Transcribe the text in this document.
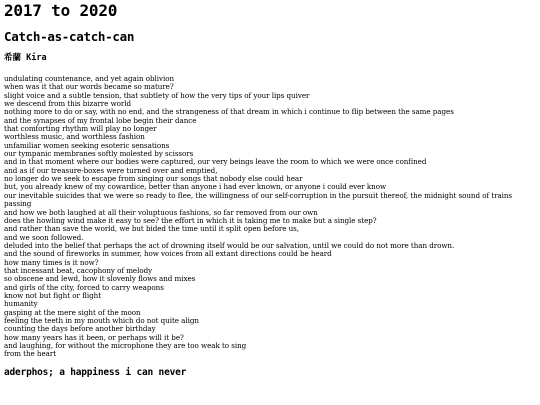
2017 to 2020
Catch-as-catch-can
希蘭 Kira
undulating countenance, and yet again oblivion
when was it that our words became so mature?
slight voice and a subtle tension, that subtlety of how the very tips of your lips quiver
we descend from this bizarre world
nothing more to do or say, with no end, and the strangeness of that dream in which i continue to flip between the same pages
and the synapses of my frontal lobe begin their dance
that comforting rhythm will play no longer
worthless music, and worthless fashion
unfamiliar women seeking esoteric sensations
our tympanic membranes softly molested by scissors
and in that moment where our bodies were captured, our very beings leave the room to which we were once confined
and as if our treasure-boxes were turned over and emptied,
no longer do we seek to escape from singing our songs that nobody else could hear
but, you already knew of my cowardice, better than anyone i had ever known, or anyone i could ever know
our inevitable suicides that we were so ready to flee, the willingness of our self-corruption in the pursuit thereof, the midnight sound of trains passing
and how we both laughed at all their voluptuous fashions, so far removed from our own
does the howling wind make it easy to see? the effort in which it is taking me to make but a single step?
and rather than save the world, we but bided the time until it split open before us,
and we soon followed.
deluded into the belief that perhaps the act of drowning itself would be our salvation, until we could do not more than drown.
and the sound of fireworks in summer, how voices from all extant directions could be heard
how many times is it now?
that incessant beat, cacophony of melody
so obscene and lewd, how it slovenly flows and mixes
and girls of the city, forced to carry weapons
know not but fight or flight
humanity
gasping at the mere sight of the moon
feeling the teeth in my mouth which do not quite align
counting the days before another birthday
how many years has it been, or perhaps will it be?
and laughing, for without the microphone they are too weak to sing
from the heart
aderphos; a happiness i can never
